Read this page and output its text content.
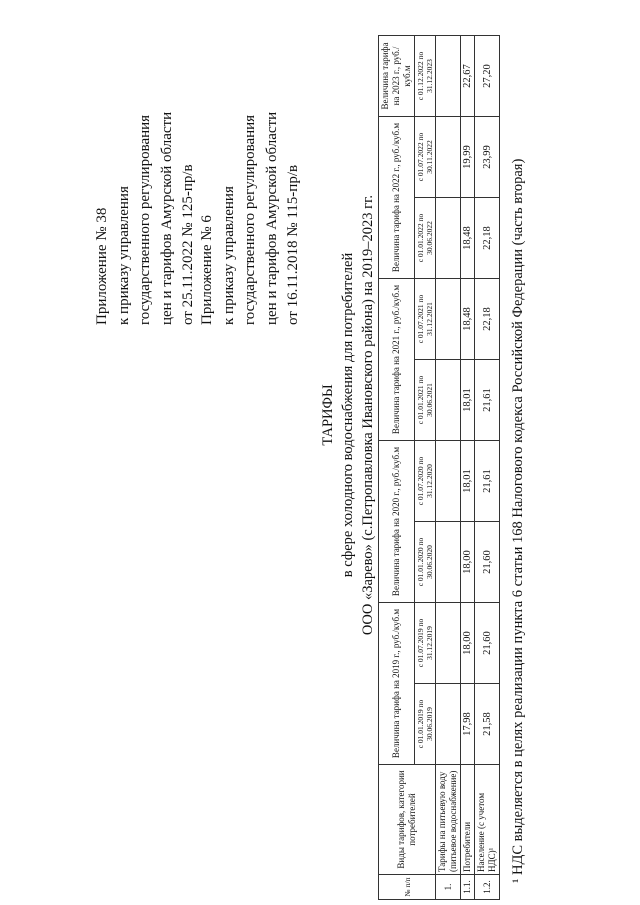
Приложение № 38 к приказу управления государственного регулирования цен и тарифов Амурской области от 25.11.2022 № 125-пр/в Приложение № 6 к приказу управления государственного регулирования цен и тарифов Амурской области от 16.11.2018 № 115-пр/в
ТАРИФЫ в сфере холодного водоснабжения для потребителей ООО «Зарево» (с.Петропавловка Ивановского района) на 2019–2023 гг.
№ п/п	Виды тарифов, категории потребителей	Величина тарифа на 2019 г., руб./куб.м		Величина тарифа на 2020 г., руб./куб.м		Величина тарифа на 2021 г., руб./куб.м		Величина тарифа на 2022 г., руб./куб.м		Величина тарифа на 2023 г., руб./куб.м
		с 01.01.2019 по 30.06.2019	с 01.07.2019 по 31.12.2019	с 01.01.2020 по 30.06.2020	с 01.07.2020 по 31.12.2020	с 01.01.2021 по 30.06.2021	с 01.07.2021 по 31.12.2021	с 01.01.2022 по 30.06.2022	с 01.07.2022 по 30.11.2022	с 01.12.2022 по 31.12.2023
1.	Тарифы на питьевую воду (питьевое водоснабжение)									
1.1.	Потребители	17,98	18,00	18,00	18,01	18,01	18,48	18,48	19,99	22,67
1.2.	Население (с учетом НДС)¹	21,58	21,60	21,60	21,61	21,61	22,18	22,18	23,99	27,20
¹ НДС выделяется в целях реализации пункта 6 статьи 168 Налогового кодекса Российской Федерации (часть вторая)
